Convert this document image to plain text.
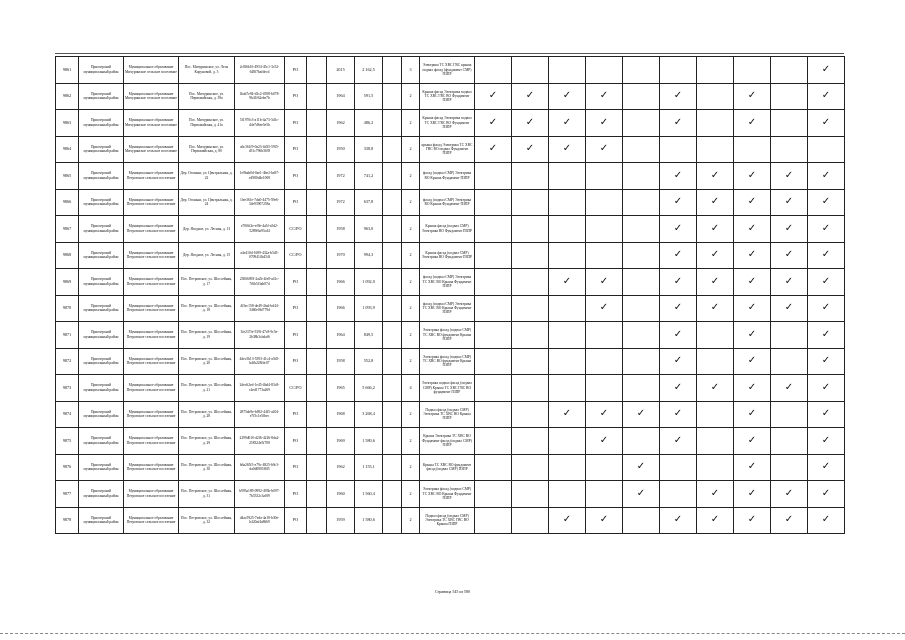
9861	Приозерский муниципальный район	Муниципальное образование Мичуринское сельское поселение	Пос. Мичуринское, ул. Лесн Коруновой, д. 3	2c8f6b16-4954-45c1-3c52-648f7bafdecd	РО		2015	2 162,5		3	Электрика ТС ХВС ГВС крыша подвал фасад (фундамент СМР) ПЗПР										✓
9862	Приозерский муниципальный район	Муниципальное образование Мичуринское сельское поселение	Пос. Мичуринское, ул. Первомайская, д. 39а	1bab7e94-d3c2-4958-b078-9b41f62ebe7b	РО		1964	591,5		2	Крыша фасад Электрика подвал ТС ХВС ГВС ВО Фундамент ПЗПР	✓	✓	✓	✓		✓		✓		✓
9863	Приозерский муниципальный район	Муниципальное образование Мичуринское сельское поселение	Пос. Мичуринское, ул. Первомайская, д. 41а	5f1970c3-a11b-4a73-3d1c-d4e7d6ee5e5b	РО		1962	486,2		2	Крыша фасад Электрика подвал ТС ХВС ГВС ВО Фундамент ПЗПР	✓	✓	✓	✓		✓		✓		✓
9864	Приозерский муниципальный район	Муниципальное образование Мичуринское сельское поселение	Пос. Мичуринское, ул. Первомайская, д. 8б	a6c361f9-0a23-4d35-59f5-d51c796b3639	РО		1950	338,8		2	крыша фасад Электрика ТС ХВС ГВС ВО подвал Фундамент ПЗПР	✓	✓	✓	✓						
9865	Приозерский муниципальный район	Муниципальное образование Петровское сельское поселение	Дер. Огоньки, ул. Центральная, д. 22	1e9bab0d-0ae1-4be2-ba97-e4980d4e1069	РО		1972	741,2		2	фасад (подвал СМР) Электрика ВО Крыша Фундамент ПЗПР						✓	✓	✓	✓	✓
9866	Приозерский муниципальный район	Муниципальное образование Петровское сельское поселение	Дер. Огоньки, ул. Центральная, д. 24	1fee361e-7da0-4475-59e6-34e93907258a	РО		1972	637,8		2	фасад (подвал СМР) Электрика ВО Крыша Фундамент ПЗПР						✓	✓	✓	✓	✓
9867	Приозерский муниципальный район	Муниципальное образование Петровское сельское поселение	Дер. Ягодное, ул. Лесная, д. 13	e70f6f2e-ef9e-4a5f-a5d2-5289f6a93cd4	СС/РО		1958	963,0		2	Крыша фасад (подвал СМР) Электрика ВО Фундамент ПЗПР						✓	✓	✓	✓	✓
9868	Приозерский муниципальный район	Муниципальное образование Петровское сельское поселение	Дер. Ягодное, ул. Лесная, д. 15	a4e410d-1689-432a-b5d5-0709414b454f	СС/РО		1970	994,3		2	Крыша фасад (подвал СМР) Электрика ВО Фундамент ПЗПР						✓	✓	✓	✓	✓
9869	Приозерский муниципальный район	Муниципальное образование Петровское сельское поселение	Пос. Петровское, ул. Шоссейная, д. 17	23066093-2a2b-4fe0-a41c-7f6b5f3ab07d	РО		1966	1 092,0		2	фасад (подвал СМР) Электрика ТС ХВС ВО Крыша Фундамент ПЗПР			✓	✓		✓	✓	✓	✓	✓
9870	Приозерский муниципальный район	Муниципальное образование Петровское сельское поселение	Пос. Петровское, ул. Шоссейная, д. 18	4f3ec158-de49-4fad-bd44-3460e0bf779d	РО		1966	1 093,9		2	фасад (подвал СМР) Электрика ТС ХВС ВО Крыша Фундамент ПЗПР				✓		✓	✓	✓	✓	✓
9871	Приозерский муниципальный район	Муниципальное образование Петровское сельское поселение	Пос. Петровское, ул. Шоссейная, д. 19	3fe237fe-539f-47c8-9c5e-2b38b3cbdaf6	РО		1964	849,5		2	Электрика фасад (подвал СМР) ТС ХВС ВО фундамент Крыша ПЗПР						✓		✓		✓
9872	Приозерский муниципальный район	Муниципальное образование Петровское сельское поселение	Пос. Петровское, ул. Шоссейная, д. 20	4dec5b13-5393-41c4-a5d5-bdfb228fdc07	РО		1958	552,8		2	Электрика фасад (подвал СМР) ТС ХВС ВО фундамент Крыша ПЗПР						✓		✓		✓
9873	Приозерский муниципальный район	Муниципальное образование Петровское сельское поселение	Пос. Петровское, ул. Шоссейная, д. 21	2dec62ed-1e45-4bd4-83c8-c4ed1773a269	СС/РО		1965	5 666,2		4	Электрика подвал фасад (подвал СМР) Крыша ТС ХВС ГВС ВО фундамент ПЗПР						✓	✓	✓	✓	✓
9874	Приозерский муниципальный район	Муниципальное образование Петровское сельское поселение	Пос. Петровское, ул. Шоссейная, д. 28	2875ab9e-b692-44f5-a204-e7f5c1e5fbec	РО		1968	3 268,4		2	Подвал фасад (подвал СМР) Электрика ТС ХВС ВО Крыша ПЗПР			✓	✓	✓	✓		✓		✓
9875	Приозерский муниципальный район	Муниципальное образование Петровское сельское поселение	Пос. Петровское, ул. Шоссейная, д. 29	2299d010-d2f6-4226-8da2-258324e5f708	РО		1969	1 580,6		2	Крыша Электрика ТС ХВС ВО Фундамент фасад (подвал СМР) ПЗПР				✓		✓		✓		✓
9876	Приозерский муниципальный район	Муниципальное образование Петровское сельское поселение	Пос. Петровское, ул. Шоссейная, д. 30	b6a265f3-e79c-4825-b9c3-da0d0805f8f5	РО		1962	1 155,1		2	Крыша ТС ХВС ВО фундамент фасад (подвал СМР) ПЗПР					✓			✓		✓
9877	Приозерский муниципальный район	Муниципальное образование Петровское сельское поселение	Пос. Петровское, ул. Шоссейная, д. 31	b993a189-0992-493b-b097-7b5332c3a0f9	РО		1960	1 560,4		2	Электрика фасад (подвал СМР) ТС ХВС ВО Крыша Фундамент ПЗПР					✓		✓	✓	✓	✓
9878	Приозерский муниципальный район	Муниципальное образование Петровское сельское поселение	Пос. Петровское, ул. Шоссейная, д. 32	d4ac5925-7eda-4a18-b30e-b420af4a8669	РО		1959	1 580,6		2	Подвал фасад (подвал СМР) Электрика ТС ХВС ГВС ВО Крыша ПЗПР			✓	✓		✓	✓	✓	✓	✓
Страница 545 из 580
